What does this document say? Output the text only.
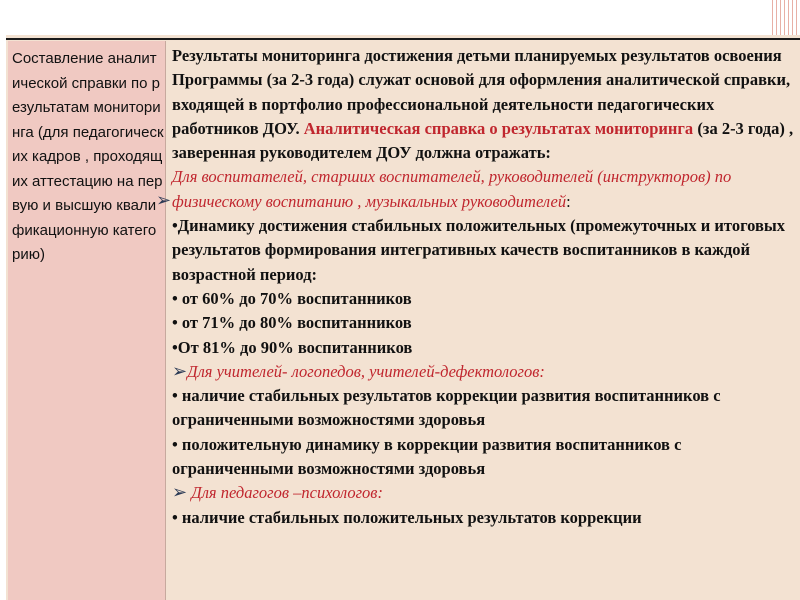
Составление аналитической справки по результатам мониторинга (для педагогических кадров , проходящих аттестацию на первую и высшую квалификационную категорию)

➢

Результаты мониторинга достижения детьми планируемых результатов освоения Программы (за 2-3 года) служат основой для оформления аналитической справки, входящей в портфолио профессиональной деятельности педагогических работников ДОУ. Аналитическая справка о результатах мониторинга (за 2-3 года) , заверенная руководителем ДОУ должна отражать:

Для воспитателей, старших воспитателей, руководителей (инструкторов) по физическому воспитанию , музыкальных руководителей:

•Динамику достижения стабильных положительных (промежуточных и итоговых результатов формирования интегративных качеств воспитанников в каждой возрастной период:

• от 60% до 70% воспитанников

• от 71% до 80% воспитанников

•От 81% до 90% воспитанников

➢Для учителей- логопедов, учителей-дефектологов:

• наличие стабильных результатов коррекции развития воспитанников с ограниченными возможностями здоровья

• положительную динамику в коррекции развития воспитанников с ограниченными возможностями здоровья

➢ Для педагогов –психологов:

• наличие стабильных положительных результатов коррекции
